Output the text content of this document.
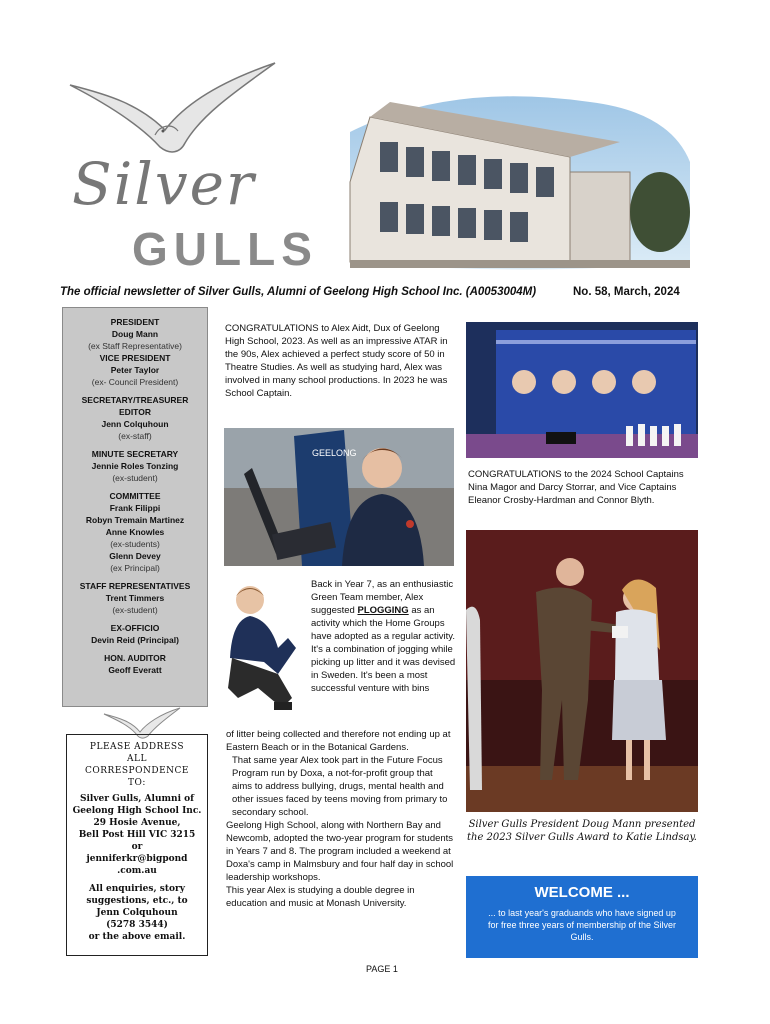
Silver
GULLS
The official newsletter of Silver Gulls, Alumni of Geelong High School Inc. (A0053004M)	No. 58, March, 2024
PRESIDENT
Doug Mann
(ex Staff Representative)
VICE PRESIDENT
Peter Taylor
(ex- Council President)
SECRETARY/TREASURER
EDITOR
Jenn Colquhoun
(ex-staff)
MINUTE SECRETARY
Jennie Roles Tonzing
(ex-student)
COMMITTEE
Frank Filippi
Robyn Tremain Martinez
Anne Knowles
(ex-students)
Glenn Devey
(ex Principal)
STAFF REPRESENTATIVES
Trent Timmers
(ex-student)
EX-OFFICIO
Devin Reid (Principal)
HON. AUDITOR
Geoff Everatt
PLEASE ADDRESS
ALL
CORRESPONDENCE
TO:
Silver Gulls, Alumni of
Geelong High School Inc.
29 Hosie Avenue,
Bell Post Hill VIC 3215
or
jenniferkr@bigpond
.com.au
All enquiries, story
suggestions, etc., to
Jenn Colquhoun
(5278 3544)
or the above email.

CONGRATULATIONS to Alex Aidt, Dux of Geelong High School, 2023. As well as an impressive ATAR in the 90s, Alex achieved a perfect study score of 50 in Theatre Studies. As well as studying hard, Alex was involved in many school productions. In 2023 he was School Captain.

GEELONG
Back in Year 7, as an enthusiastic Green Team member, Alex suggested PLOGGING as an activity which the Home Groups have adopted as a regular activity. It's a combination of jogging while picking up litter and it was devised in Sweden. It's been a most successful venture with bins

of litter being collected and therefore not ending up at Eastern Beach or in the Botanical Gardens.

That same year Alex took part in the Future Focus Program run by Doxa, a not-for-profit group that aims to address bullying, drugs, mental health and other issues faced by teens moving from primary to secondary school.

Geelong High School, along with Northern Bay and Newcomb, adopted the two-year program for students in Years 7 and 8. The program included a weekend at Doxa's camp in Malmsbury and four half day in school leadership workshops.

This year Alex is studying a double degree in education and music at Monash University.

PAGE 1
CONGRATULATIONS to the 2024 School Captains Nina Magor and Darcy Storrar, and Vice Captains Eleanor Crosby-Hardman and Connor Blyth.
Silver Gulls President Doug Mann presented the 2023 Silver Gulls Award to Katie Lindsay.
WELCOME ...
... to last year's graduands who have signed up for free three years of membership of the Silver Gulls.
